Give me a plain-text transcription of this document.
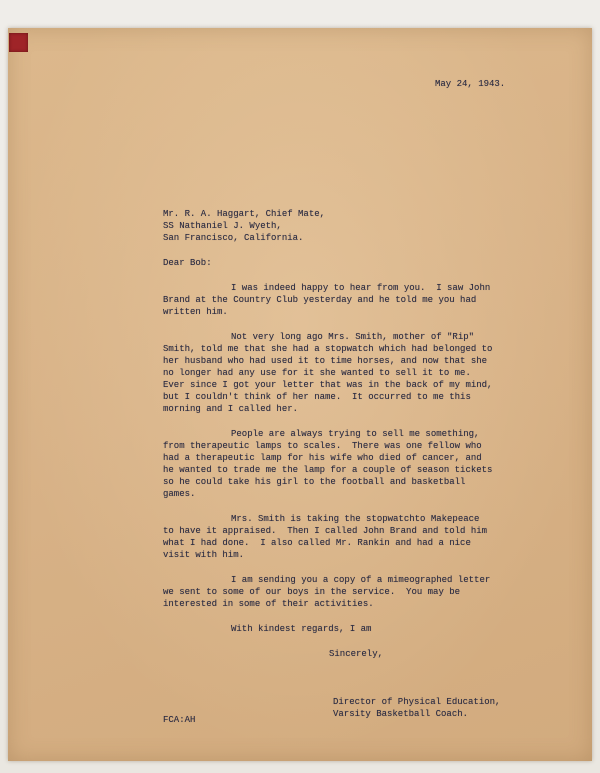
May 24, 1943.
Mr. R. A. Haggart, Chief Mate,
SS Nathaniel J. Wyeth,
San Francisco, California.
Dear Bob:

I was indeed happy to hear from you.  I saw John Brand at the Country Club yesterday and he told me you had written him.

Not very long ago Mrs. Smith, mother of "Rip" Smith, told me that she had a stopwatch which had belonged to her husband who had used it to time horses, and now that she no longer had any use for it she wanted to sell it to me.  Ever since I got your letter that was in the back of my mind, but I couldn't think of her name.  It occurred to me this morning and I called her.

People are always trying to sell me something, from therapeutic lamps to scales.  There was one fellow who had a therapeutic lamp for his wife who died of cancer, and he wanted to trade me the lamp for a couple of season tickets so he could take his girl to the football and basketball games.

Mrs. Smith is taking the stopwatchto Makepeace to have it appraised.  Then I called John Brand and told him what I had done.  I also called Mr. Rankin and had a nice visit with him.

I am sending you a copy of a mimeographed letter we sent to some of our boys in the service.  You may be interested in some of their activities.

With kindest regards, I am
Sincerely,
Director of Physical Education,
Varsity Basketball Coach.
FCA:AH
